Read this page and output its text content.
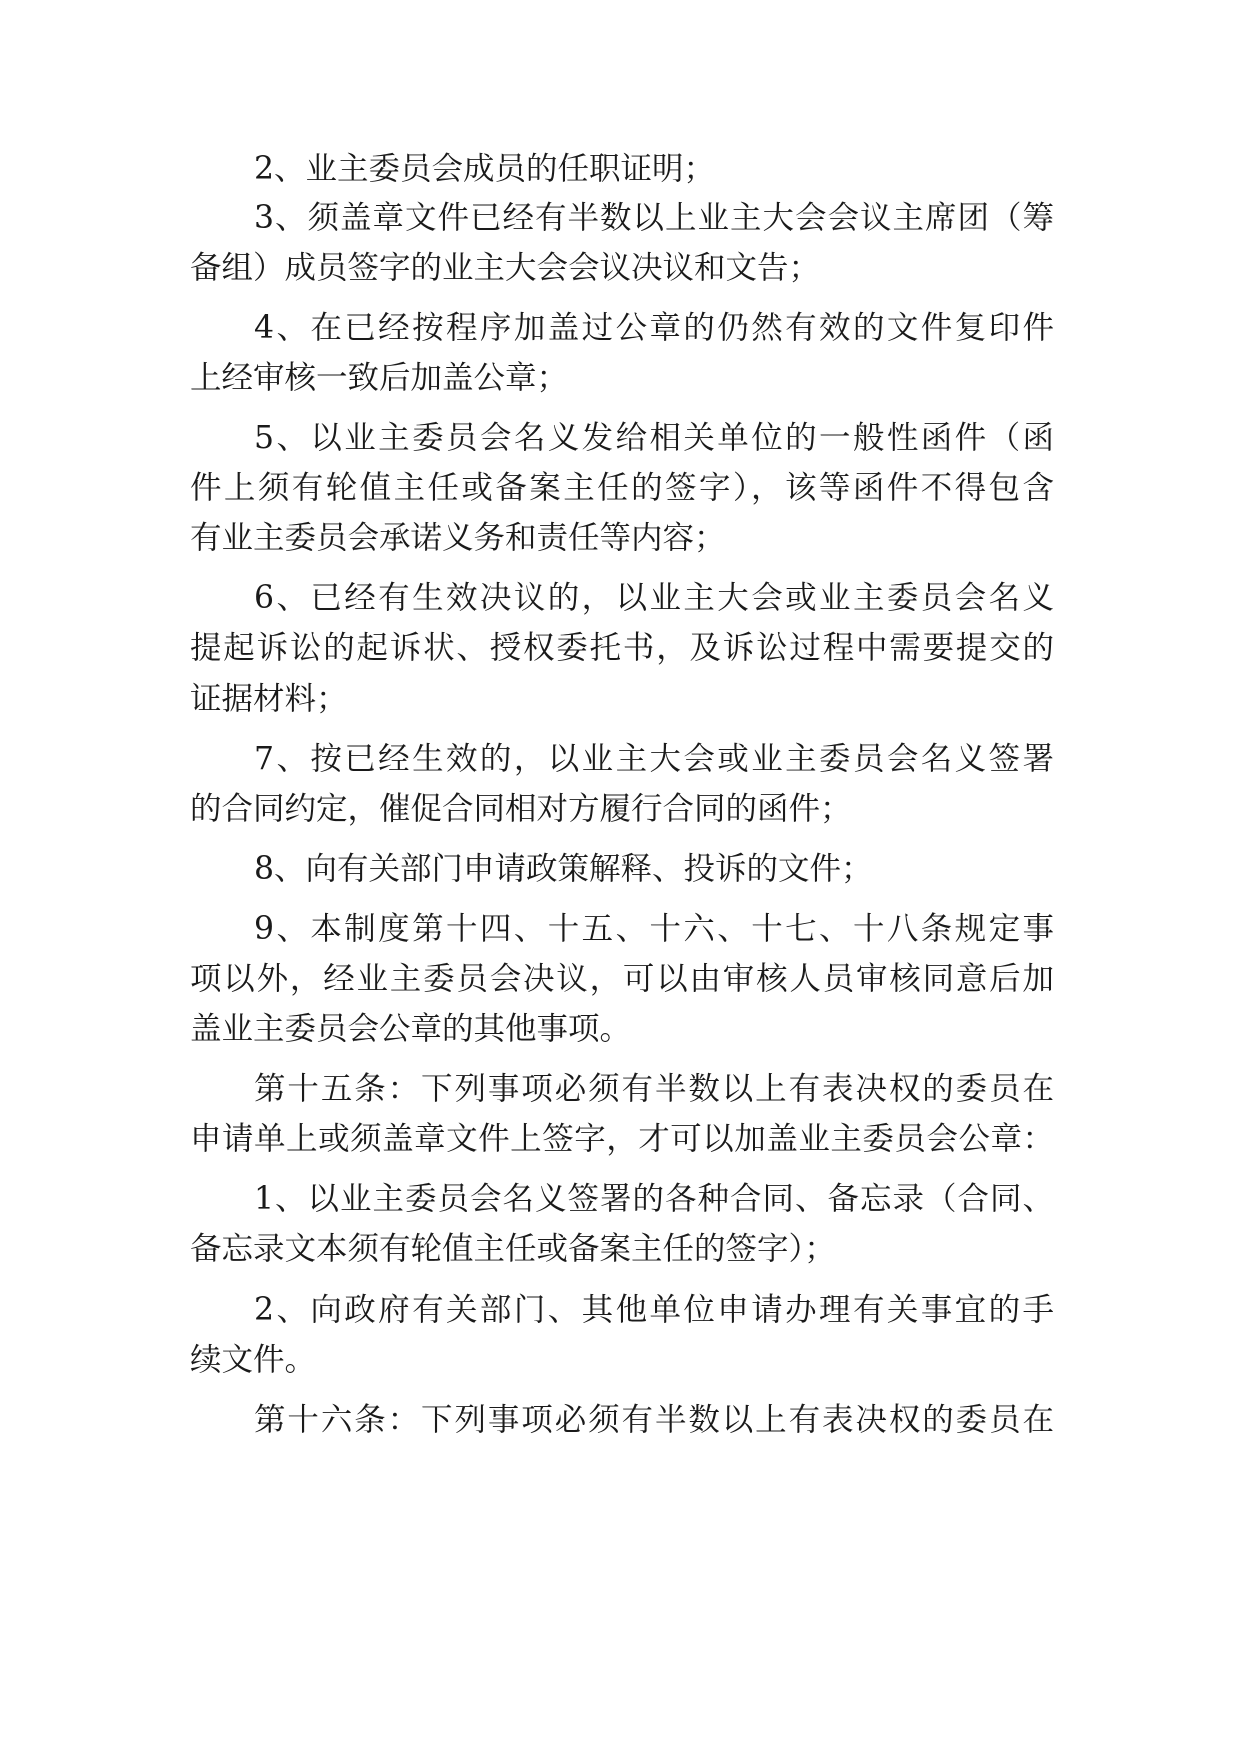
2、业主委员会成员的任职证明；
3、须盖章文件已经有半数以上业主大会会议主席团（筹
备组）成员签字的业主大会会议决议和文告；
4、在已经按程序加盖过公章的仍然有效的文件复印件
上经审核一致后加盖公章；
5、以业主委员会名义发给相关单位的一般性函件（函
件上须有轮值主任或备案主任的签字），该等函件不得包含
有业主委员会承诺义务和责任等内容；
6、已经有生效决议的，以业主大会或业主委员会名义
提起诉讼的起诉状、授权委托书，及诉讼过程中需要提交的
证据材料；
7、按已经生效的，以业主大会或业主委员会名义签署
的合同约定，催促合同相对方履行合同的函件；
8、向有关部门申请政策解释、投诉的文件；
9、本制度第十四、十五、十六、十七、十八条规定事
项以外，经业主委员会决议，可以由审核人员审核同意后加
盖业主委员会公章的其他事项。
第十五条：下列事项必须有半数以上有表决权的委员在
申请单上或须盖章文件上签字，才可以加盖业主委员会公章：
1、以业主委员会名义签署的各种合同、备忘录（合同、
备忘录文本须有轮值主任或备案主任的签字）；
2、向政府有关部门、其他单位申请办理有关事宜的手
续文件。
第十六条：下列事项必须有半数以上有表决权的委员在
